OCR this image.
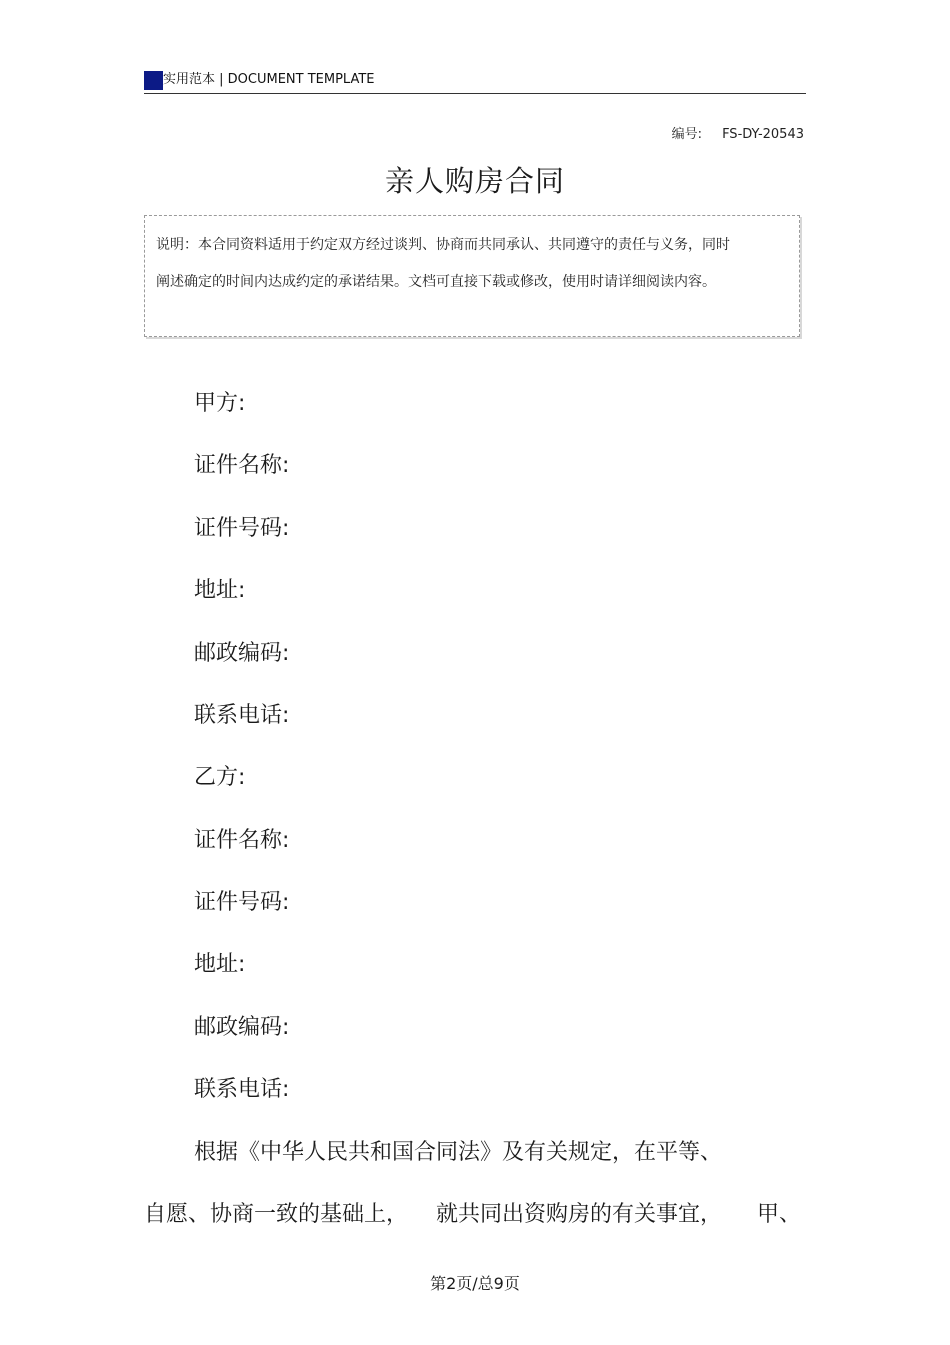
实用范本 | DOCUMENT TEMPLATE
编号: FS-DY-20543
亲人购房合同
说明：本合同资料适用于约定双方经过谈判、协商而共同承认、共同遵守的责任与义务，同时阐述确定的时间内达成约定的承诺结果。文档可直接下载或修改，使用时请详细阅读内容。
甲方:
证件名称:
证件号码:
地址:
邮政编码:
联系电话:
乙方:
证件名称:
证件号码:
地址:
邮政编码:
联系电话:
根据《中华人民共和国合同法》及有关规定，在平等、
自愿、协商一致的基础上，    就共同出资购房的有关事宜，     甲、
第2页/总9页
